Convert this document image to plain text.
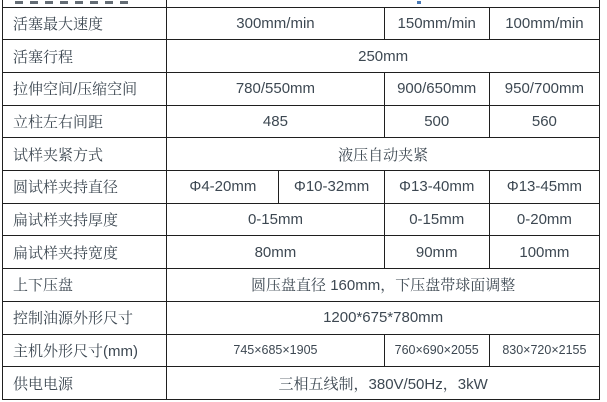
活塞最大速度	300mm/min		150mm/min	100mm/min
活塞行程	250mm			
拉伸空间/压缩空间	780/550mm		900/650mm	950/700mm
立柱左右间距	485		500	560
试样夹紧方式	液压自动夹紧			
圆试样夹持直径	Φ4-20mm	Φ10-32mm	Φ13-40mm	Φ13-45mm
扁试样夹持厚度	0-15mm		0-15mm	0-20mm
扁试样夹持宽度	80mm		90mm	100mm
上下压盘	圆压盘直径 160mm，下压盘带球面调整			
控制油源外形尺寸	1200*675*780mm			
主机外形尺寸(mm)	745×685×1905		760×690×2055	830×720×2155
供电电源	三相五线制，380V/50Hz，3kW			
